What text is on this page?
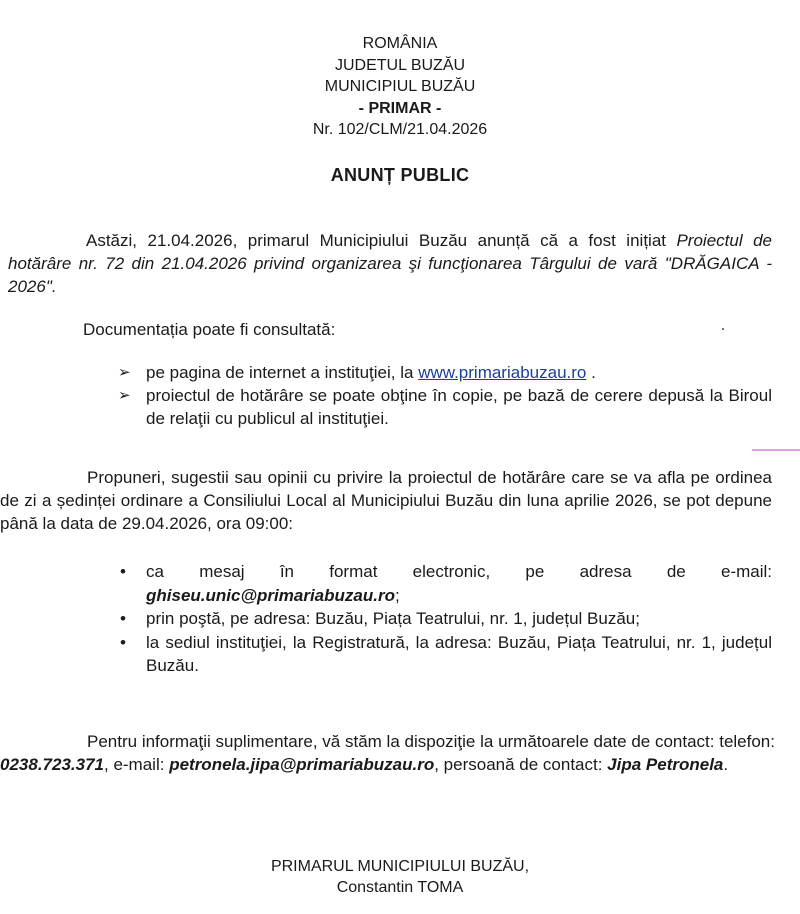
ROMÂNIA
JUDETUL BUZĂU
MUNICIPIUL BUZĂU
- PRIMAR -
Nr. 102/CLM/21.04.2026
ANUNȚ PUBLIC
Astăzi, 21.04.2026, primarul Municipiului Buzău anunță că a fost inițiat Proiectul de hotărâre nr. 72 din 21.04.2026 privind organizarea şi funcţionarea Târgului de vară "DRĂGAICA - 2026".
Documentația poate fi consultată:
➢ pe pagina de internet a instituţiei, la www.primariabuzau.ro .
➢ proiectul de hotărâre se poate obţine în copie, pe bază de cerere depusă la Biroul de relaţii cu publicul al instituţiei.
Propuneri, sugestii sau opinii cu privire la proiectul de hotărâre care se va afla pe ordinea de zi a ședinței ordinare a Consiliului Local al Municipiului Buzău din luna aprilie 2026, se pot depune până la data de 29.04.2026, ora 09:00:
• ca mesaj în format electronic, pe adresa de e-mail:
ghiseu.unic@primariabuzau.ro;
• prin poştă, pe adresa: Buzău, Piața Teatrului, nr. 1, județul Buzău;
• la sediul instituţiei, la Registratură, la adresa: Buzău, Piața Teatrului, nr. 1, județul Buzău.
Pentru informaţii suplimentare, vă stăm la dispoziţie la următoarele date de contact: telefon: 0238.723.371, e-mail: petronela.jipa@primariabuzau.ro, persoană de contact: Jipa Petronela.
PRIMARUL MUNICIPIULUI BUZĂU,
Constantin TOMA
